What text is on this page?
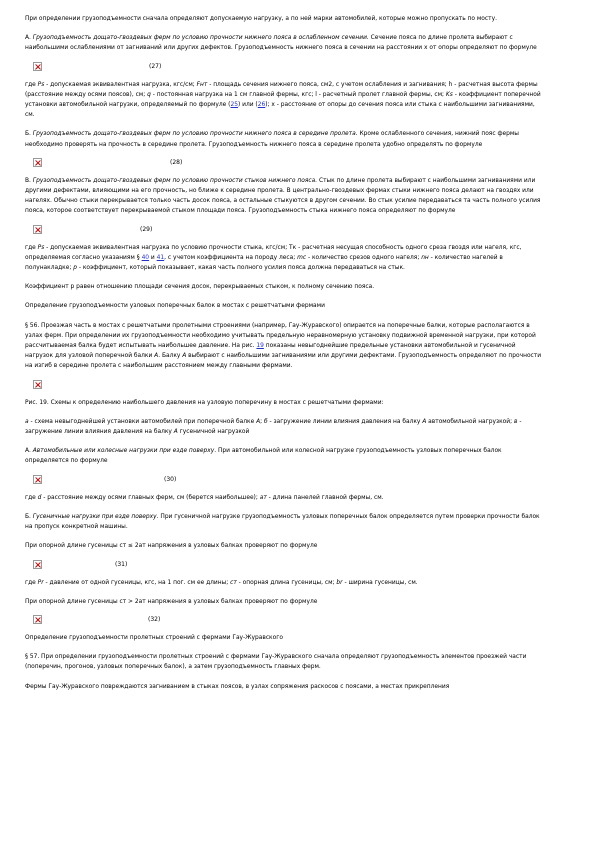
При определении грузоподъемности сначала определяют допускаемую нагрузку, а по ней марки автомобилей, которые можно пропускать по мосту.

А. Грузоподъемность дощато-гвоздевых ферм по условию прочности нижнего пояса в ослабленном сечении. Сечение пояса по длине пролета выбирают с наибольшими ослаблениями от загниваний или других дефектов. Грузоподъемность нижнего пояса в сечении на расстоянии x от опоры определяют по формуле

(27)

где Ps - допускаемая эквивалентная нагрузка, кгс/см; Fнт - площадь сечения нижнего пояса, см2, с учетом ослабления и загнивания; h - расчетная высота фермы (расстояние между осями поясов), см; q - постоянная нагрузка на 1 см главной фермы, кгс; l - расчетный пролет главной фермы, см; Ks - коэффициент поперечной установки автомобильной нагрузки, определяемый по формуле (25) или (26); x - расстояние от опоры до сечения пояса или стыка с наибольшими загниваниями, см.

Б. Грузоподъемность дощато-гвоздевых ферм по условию прочности нижнего пояса в середине пролета. Кроме ослабленного сечения, нижний пояс фермы необходимо проверять на прочность в середине пролета. Грузоподъемность нижнего пояса в середине пролета удобно определять по формуле

(28)

В. Грузоподъемность дощато-гвоздевых ферм по условию прочности стыков нижнего пояса. Стык по длине пролета выбирают с наибольшими загниваниями или другими дефектами, влияющими на его прочность, но ближе к середине пролета. В центрально-гвоздевых фермах стыки нижнего пояса делают на гвоздях или нагелях. Обычно стыки перекрывается только часть досок пояса, а остальные стыкуются в другом сечении. Во стык усилие передаваться та часть полного усилия пояса, которое соответствует перекрываемой стыком площади пояса. Грузоподъемность стыка нижнего пояса определяют по формуле

(29)

где Ps - допускаемая эквивалентная нагрузка по условию прочности стыка, кгс/см; Тк - расчетная несущая способность одного среза гвоздя или нагеля, кгс, определяемая согласно указаниям § 40 и 41, с учетом коэффициента на породу леса; mc - количество срезов одного нагеля; nн - количество нагелей в полунакладке; p - коэффициент, который показывает, какая часть полного усилия пояса должна передаваться на стык.

Коэффициент р равен отношению площади сечения досок, перекрываемых стыком, к полному сечению пояса.

Определение грузоподъемности узловых поперечных балок в мостах с решетчатыми фермами

§ 56. Проезжая часть в мостах с решетчатыми пролетными строениями (например, Гау-Журавского) опирается на поперечные балки, которые располагаются в узлах ферм. При определении их грузоподъемности необходимо учитывать предельную неравномерную установку подвижной временной нагрузки, при которой рассчитываемая балка будет испытывать наибольшее давление. На рис. 19 показаны невыгоднейшие предельные установки автомобильной и гусеничной нагрузок для узловой поперечной балки А. Балку А выбирают с наибольшими загниваниями или другими дефектами. Грузоподъемность определяют по прочности на изгиб в середине пролета с наибольшим расстоянием между главными фермами.

Рис. 19. Схемы к определению наибольшего давления на узловую поперечину в мостах с решетчатыми фермами:

а - схема невыгоднейшей установки автомобилей при поперечной балке А; б - загружение линии влияния давления на балку А автомобильной нагрузкой; в - загружение линии влияния давления на балку А гусеничной нагрузкой

А. Автомобильные или колесные нагрузки при езде поверху. При автомобильной или колесной нагрузке грузоподъемность узловых поперечных балок определяется по формуле

(30)

где d - расстояние между осями главных ферм, см (берется наибольшее); aт - длина панелей главной фермы, см.

Б. Гусеничные нагрузки при езде поверху. При гусеничной нагрузке грузоподъемность узловых поперечных балок определяется путем проверки прочности балок на пропуск конкретной машины.

При опорной длине гусеницы ст ≤ 2ат напряжения в узловых балках проверяют по формуле

(31)

где Pr - давление от одной гусеницы, кгс, на 1 пог. см ее длины; ст - опорная длина гусеницы, см; br - ширина гусеницы, см.

При опорной длине гусеницы ст > 2ат напряжения в узловых балках проверяют по формуле

(32)

Определение грузоподъемности пролетных строений с фермами Гау-Журавского

§ 57. При определении грузоподъемности пролетных строений с фермами Гау-Журавского сначала определяют грузоподъемность элементов проезжей части (поперечин, прогонов, узловых поперечных балок), а затем грузоподъемность главных ферм.

Фермы Гау-Журавского повреждаются загниванием в стыках поясов, в узлах сопряжения раскосов с поясами, а местах прикрепления
